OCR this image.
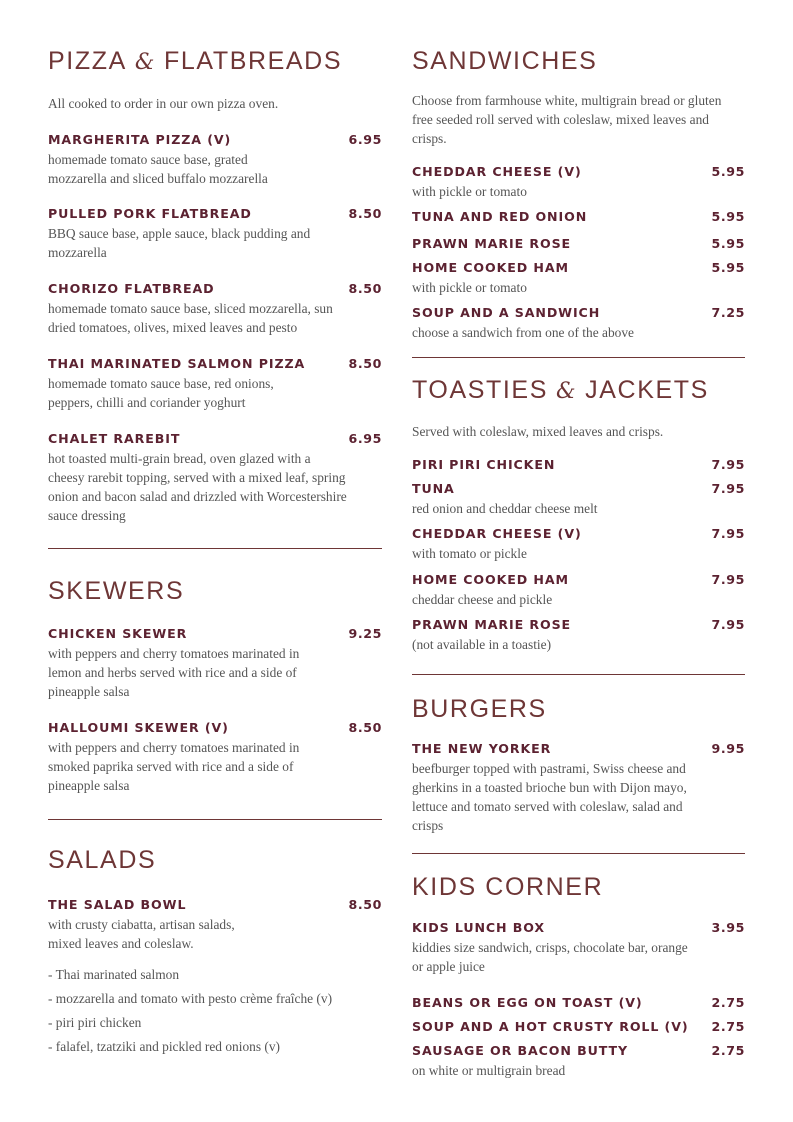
PIZZA & FLATBREADS

All cooked to order in our own pizza oven.

MARGHERITA PIZZA (V)	6.95
homemade tomato sauce base, grated mozzarella and sliced buffalo mozzarella
PULLED PORK FLATBREAD	8.50
BBQ sauce base, apple sauce, black pudding and mozzarella
CHORIZO FLATBREAD	8.50
homemade tomato sauce base, sliced mozzarella, sun dried tomatoes, olives, mixed leaves and pesto
THAI MARINATED SALMON PIZZA	8.50
homemade tomato sauce base, red onions, peppers, chilli and coriander yoghurt
CHALET RAREBIT	6.95
hot toasted multi-grain bread, oven glazed with a cheesy rarebit topping, served with a mixed leaf, spring onion and bacon salad and drizzled with Worcestershire sauce dressing
SKEWERS
CHICKEN SKEWER	9.25
with peppers and cherry tomatoes marinated in lemon and herbs served with rice and a side of pineapple salsa
HALLOUMI SKEWER (V)	8.50
with peppers and cherry tomatoes marinated in smoked paprika served with rice and a side of pineapple salsa
SALADS
THE SALAD BOWL	8.50
with crusty ciabatta, artisan salads, mixed leaves and coleslaw.
- Thai marinated salmon
- mozzarella and tomato with pesto crème fraîche (v)
- piri piri chicken
- falafel, tzatziki and pickled red onions (v)
SANDWICHES

Choose from farmhouse white, multigrain bread or gluten free seeded roll served with coleslaw, mixed leaves and crisps.

CHEDDAR CHEESE (V)	5.95
with pickle or tomato
TUNA AND RED ONION	5.95
PRAWN MARIE ROSE	5.95
HOME COOKED HAM	5.95
with pickle or tomato
SOUP AND A SANDWICH	7.25
choose a sandwich from one of the above
TOASTIES & JACKETS

Served with coleslaw, mixed leaves and crisps.

PIRI PIRI CHICKEN	7.95
TUNA	7.95
red onion and cheddar cheese melt
CHEDDAR CHEESE (V)	7.95
with tomato or pickle
HOME COOKED HAM	7.95
cheddar cheese and pickle
PRAWN MARIE ROSE	7.95
(not available in a toastie)
BURGERS
THE NEW YORKER	9.95
beefburger topped with pastrami, Swiss cheese and gherkins in a toasted brioche bun with Dijon mayo, lettuce and tomato served with coleslaw, salad and crisps
KIDS CORNER
KIDS LUNCH BOX	3.95
kiddies size sandwich, crisps, chocolate bar, orange or apple juice
BEANS OR EGG ON TOAST (V)	2.75
SOUP AND A HOT CRUSTY ROLL (V)	2.75
SAUSAGE OR BACON BUTTY	2.75
on white or multigrain bread
